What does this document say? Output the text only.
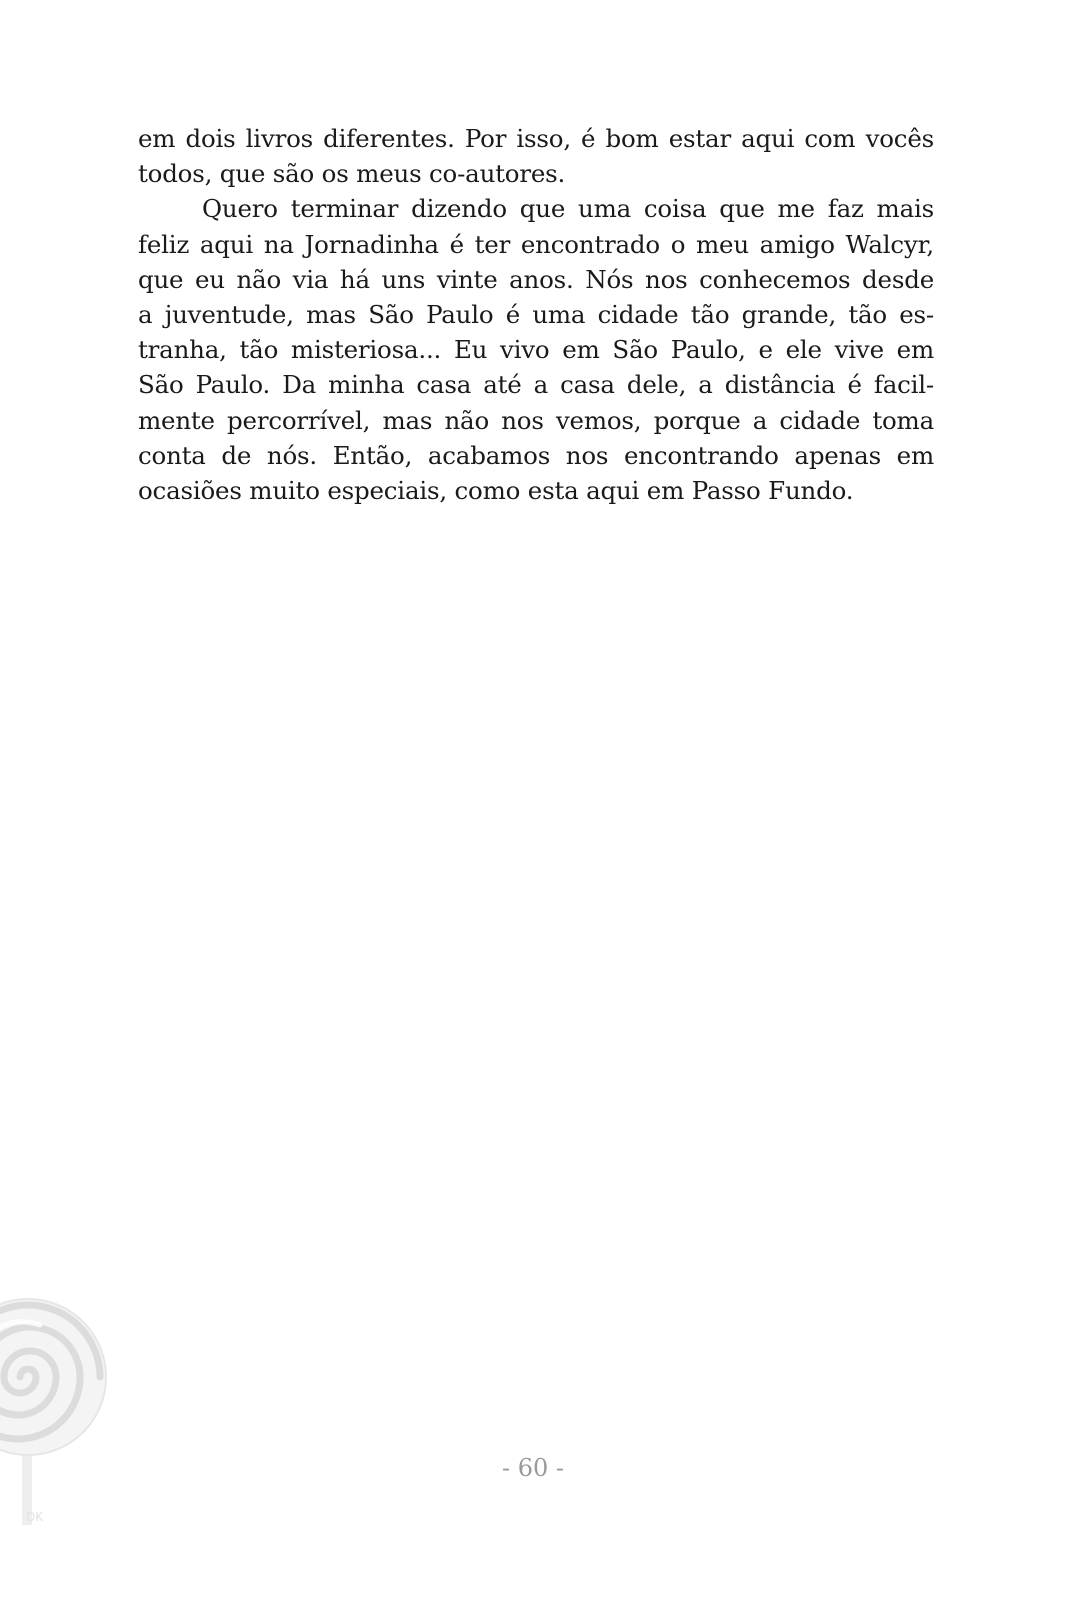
em dois livros diferentes. Por isso, é bom estar aqui com vocês
todos, que são os meus co-autores.
Quero terminar dizendo que uma coisa que me faz mais
feliz aqui na Jornadinha é ter encontrado o meu amigo Walcyr,
que eu não via há uns vinte anos. Nós nos conhecemos desde
a juventude, mas São Paulo é uma cidade tão grande, tão es-
tranha, tão misteriosa... Eu vivo em São Paulo, e ele vive em
São Paulo. Da minha casa até a casa dele, a distância é facil-
mente percorrível, mas não nos vemos, porque a cidade toma
conta de nós. Então, acabamos nos encontrando apenas em
ocasiões muito especiais, como esta aqui em Passo Fundo.
DK
- 60 -
